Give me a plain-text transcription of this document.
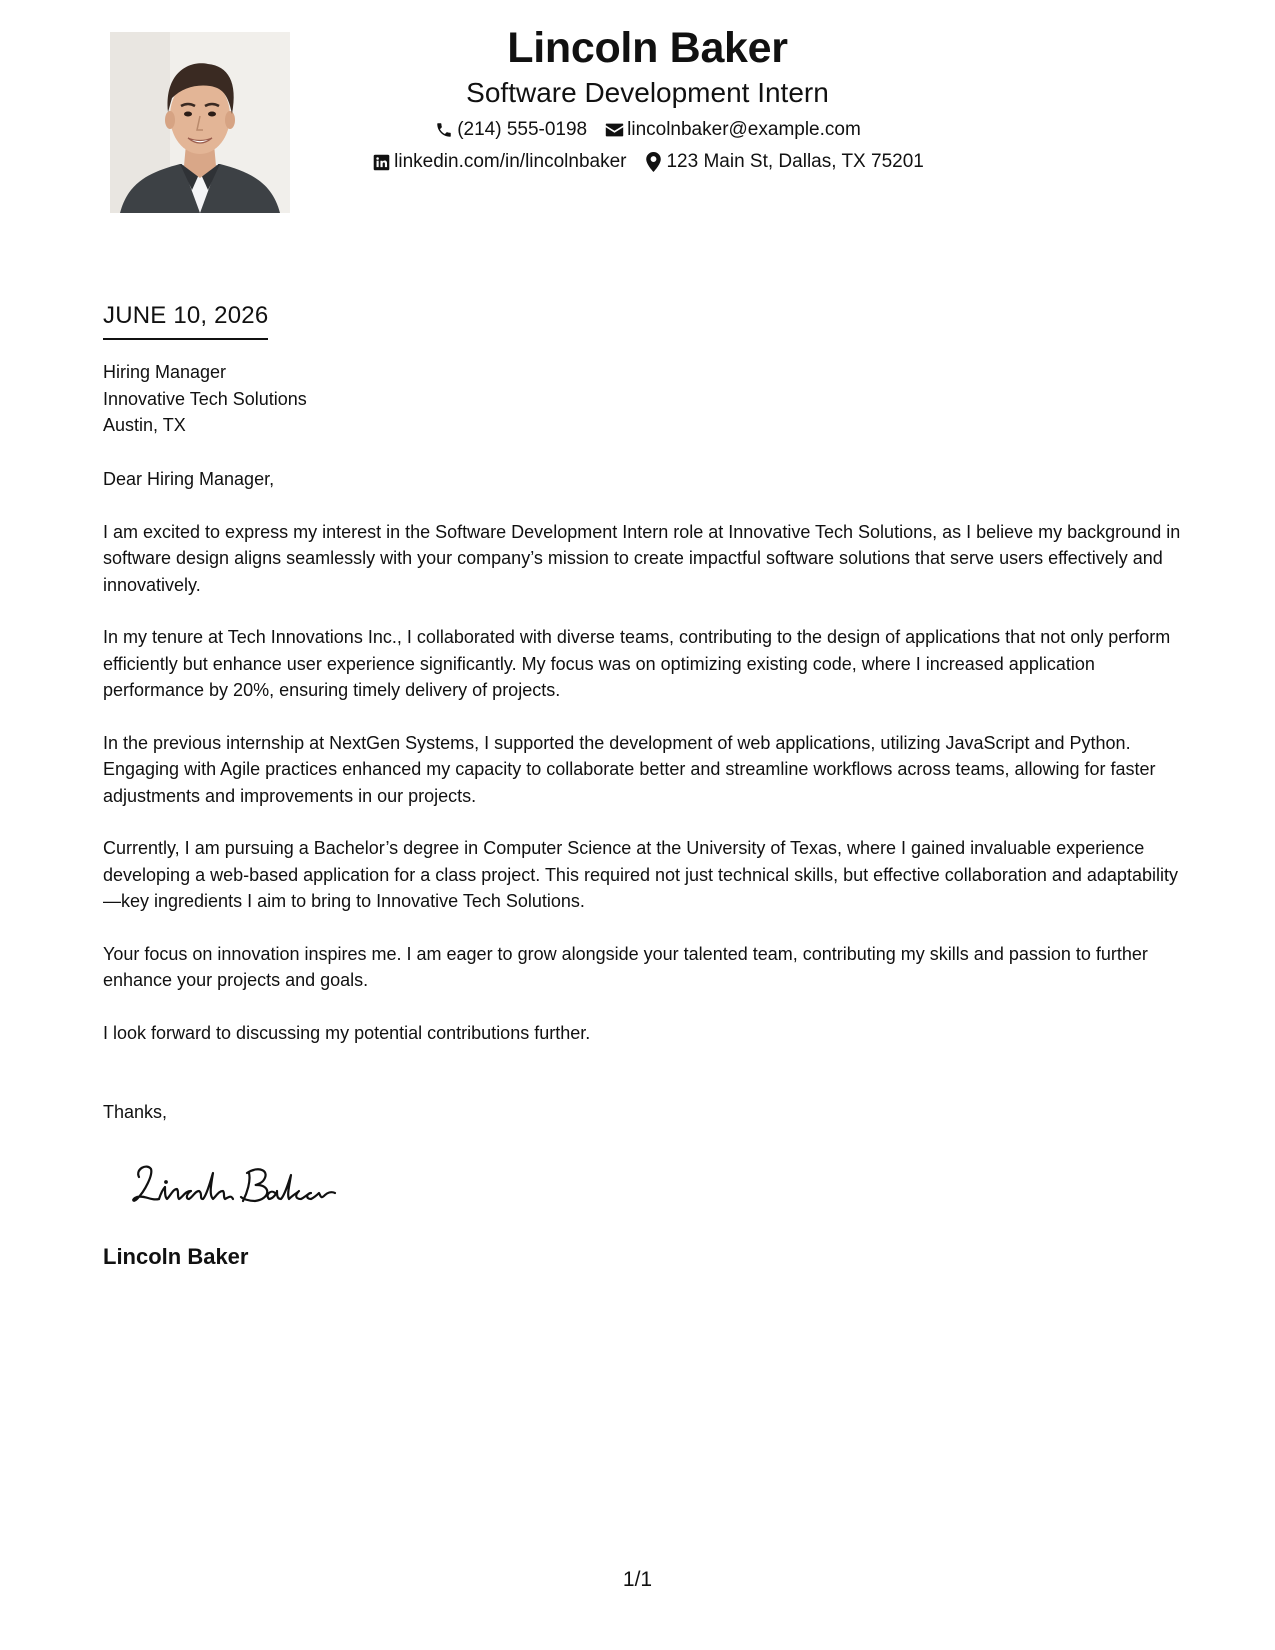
Lincoln Baker
Software Development Intern
(214) 555-0198 lincolnbaker@example.com
linkedin.com/in/lincolnbaker 123 Main St, Dallas, TX 75201
JUNE 10, 2026
Hiring Manager
Innovative Tech Solutions
Austin, TX

Dear Hiring Manager,

I am excited to express my interest in the Software Development Intern role at Innovative Tech Solutions, as I believe my background in software design aligns seamlessly with your company’s mission to create impactful software solutions that serve users effectively and innovatively.

In my tenure at Tech Innovations Inc., I collaborated with diverse teams, contributing to the design of applications that not only perform efficiently but enhance user experience significantly. My focus was on optimizing existing code, where I increased application performance by 20%, ensuring timely delivery of projects.

In the previous internship at NextGen Systems, I supported the development of web applications, utilizing JavaScript and Python. Engaging with Agile practices enhanced my capacity to collaborate better and streamline workflows across teams, allowing for faster adjustments and improvements in our projects.

Currently, I am pursuing a Bachelor’s degree in Computer Science at the University of Texas, where I gained invaluable experience developing a web-based application for a class project. This required not just technical skills, but effective collaboration and adaptability—key ingredients I aim to bring to Innovative Tech Solutions.

Your focus on innovation inspires me. I am eager to grow alongside your talented team, contributing my skills and passion to further enhance your projects and goals.

I look forward to discussing my potential contributions further.

Thanks,
Lincoln Baker
1/1
